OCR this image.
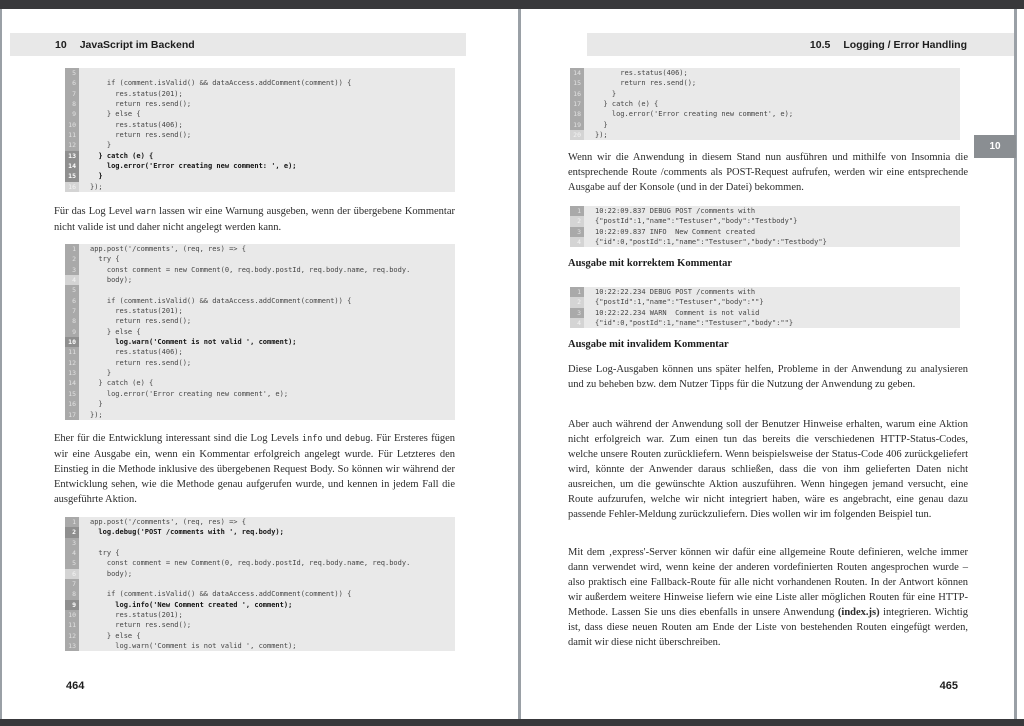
10 JavaScript im Backend
5
6	if (comment.isValid() && dataAccess.addComment(comment)) {
7	res.status(201);
8	return res.send();
9	} else {
10	res.status(406);
11	return res.send();
12	}
13	} catch (e) {
14	log.error('Error creating new comment: ', e);
15	}
16	});

Für das Log Level warn lassen wir eine Warnung ausgeben, wenn der übergebene Kommentar nicht valide ist und daher nicht angelegt werden kann.

1	app.post('/comments', (req, res) => {
2	try {
3	const comment = new Comment(0, req.body.postId, req.body.name, req.body.
4	body);
5
6	if (comment.isValid() && dataAccess.addComment(comment)) {
7	res.status(201);
8	return res.send();
9	} else {
10	log.warn('Comment is not valid ', comment);
11	res.status(406);
12	return res.send();
13	}
14	} catch (e) {
15	log.error('Error creating new comment', e);
16	}
17	});

Eher für die Entwicklung interessant sind die Log Levels info und debug. Für Ersteres fügen wir eine Ausgabe ein, wenn ein Kommentar erfolgreich angelegt wurde. Für Letzteres den Einstieg in die Methode inklusive des übergebenen Request Body. So können wir während der Entwicklung sehen, wie die Methode genau aufgerufen wurde, und kennen in jedem Fall die ausgeführte Aktion.

1	app.post('/comments', (req, res) => {
2	log.debug('POST /comments with ', req.body);
3
4	try {
5	const comment = new Comment(0, req.body.postId, req.body.name, req.body.
6	body);
7
8	if (comment.isValid() && dataAccess.addComment(comment)) {
9	log.info('New Comment created ', comment);
10	res.status(201);
11	return res.send();
12	} else {
13	log.warn('Comment is not valid ', comment);
464
10.5 Logging / Error Handling
14	res.status(406);
15	return res.send();
16	}
17	} catch (e) {
18	log.error('Error creating new comment', e);
19	}
20	});
10

Wenn wir die Anwendung in diesem Stand nun ausführen und mithilfe von Insomnia die entsprechende Route /comments als POST-Request aufrufen, werden wir eine entsprechende Ausgabe auf der Konsole (und in der Datei) bekommen.

1	10:22:09.837 DEBUG POST /comments with
2	{"postId":1,"name":"Testuser","body":"Testbody"}
3	10:22:09.837 INFO  New Comment created
4	{"id":0,"postId":1,"name":"Testuser","body":"Testbody"}
Ausgabe mit korrektem Kommentar
1	10:22:22.234 DEBUG POST /comments with
2	{"postId":1,"name":"Testuser","body":""}
3	10:22:22.234 WARN  Comment is not valid
4	{"id":0,"postId":1,"name":"Testuser","body":""}
Ausgabe mit invalidem Kommentar

Diese Log-Ausgaben können uns später helfen, Probleme in der Anwendung zu analysieren und zu beheben bzw. dem Nutzer Tipps für die Nutzung der Anwendung zu geben.

Aber auch während der Anwendung soll der Benutzer Hinweise erhalten, warum eine Aktion nicht erfolgreich war. Zum einen tun das bereits die verschiedenen HTTP-Status-Codes, welche unsere Routen zurückliefern. Wenn beispielsweise der Status-Code 406 zurückgeliefert wird, könnte der Anwender daraus schließen, dass die von ihm gelieferten Daten nicht ausreichen, um die gewünschte Aktion auszuführen. Wenn hingegen jemand versucht, eine Route aufzurufen, welche wir nicht integriert haben, wäre es angebracht, eine genau dazu passende Fehler-Meldung zurückzuliefern. Dies wollen wir im folgenden Beispiel tun.

Mit dem ‚express'-Server können wir dafür eine allgemeine Route definieren, welche immer dann verwendet wird, wenn keine der anderen vordefinierten Routen angesprochen wurde – also praktisch eine Fallback-Route für alle nicht vorhandenen Routen. In der Antwort können wir außerdem weitere Hinweise liefern wie eine Liste aller möglichen Routen für eine HTTP-Methode. Lassen Sie uns dies ebenfalls in unsere Anwendung (index.js) integrieren. Wichtig ist, dass diese neuen Routen am Ende der Liste von bestehenden Routen eingefügt werden, damit wir diese nicht überschreiben.

465
